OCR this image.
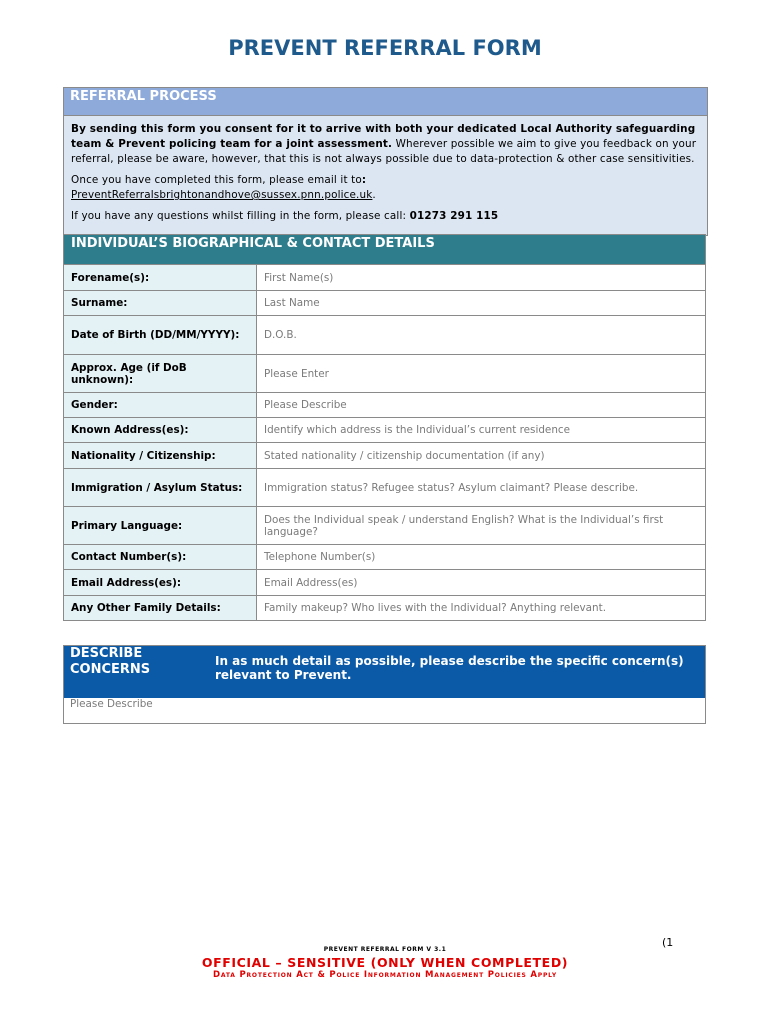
PREVENT REFERRAL FORM
REFERRAL PROCESS

By sending this form you consent for it to arrive with both your dedicated Local Authority safeguarding team & Prevent policing team for a joint assessment. Wherever possible we aim to give you feedback on your referral, please be aware, however, that this is not always possible due to data-protection & other case sensitivities.

Once you have completed this form, please email it to:
PreventReferralsbrightonandhove@sussex.pnn.police.uk.

If you have any questions whilst filling in the form, please call: 01273 291 115

INDIVIDUAL’S BIOGRAPHICAL & CONTACT DETAILS	
Forename(s):	First Name(s)
Surname:	Last Name
Date of Birth (DD/MM/YYYY):	D.O.B.
Approx. Age (if DoB unknown):	Please Enter
Gender:	Please Describe
Known Address(es):	Identify which address is the Individual’s current residence
Nationality / Citizenship:	Stated nationality / citizenship documentation (if any)
Immigration / Asylum Status:	Immigration status? Refugee status? Asylum claimant? Please describe.
Primary Language:	Does the Individual speak / understand English? What is the Individual’s first language?
Contact Number(s):	Telephone Number(s)
Email Address(es):	Email Address(es)
Any Other Family Details:	Family makeup? Who lives with the Individual? Anything relevant.
DESCRIBE CONCERNS	In as much detail as possible, please describe the specific concern(s) relevant to Prevent.
Please Describe
(1
PREVENT REFERRAL FORM V 3.1
OFFICIAL – SENSITIVE (ONLY WHEN COMPLETED)
Data Protection Act & Police Information Management Policies Apply
